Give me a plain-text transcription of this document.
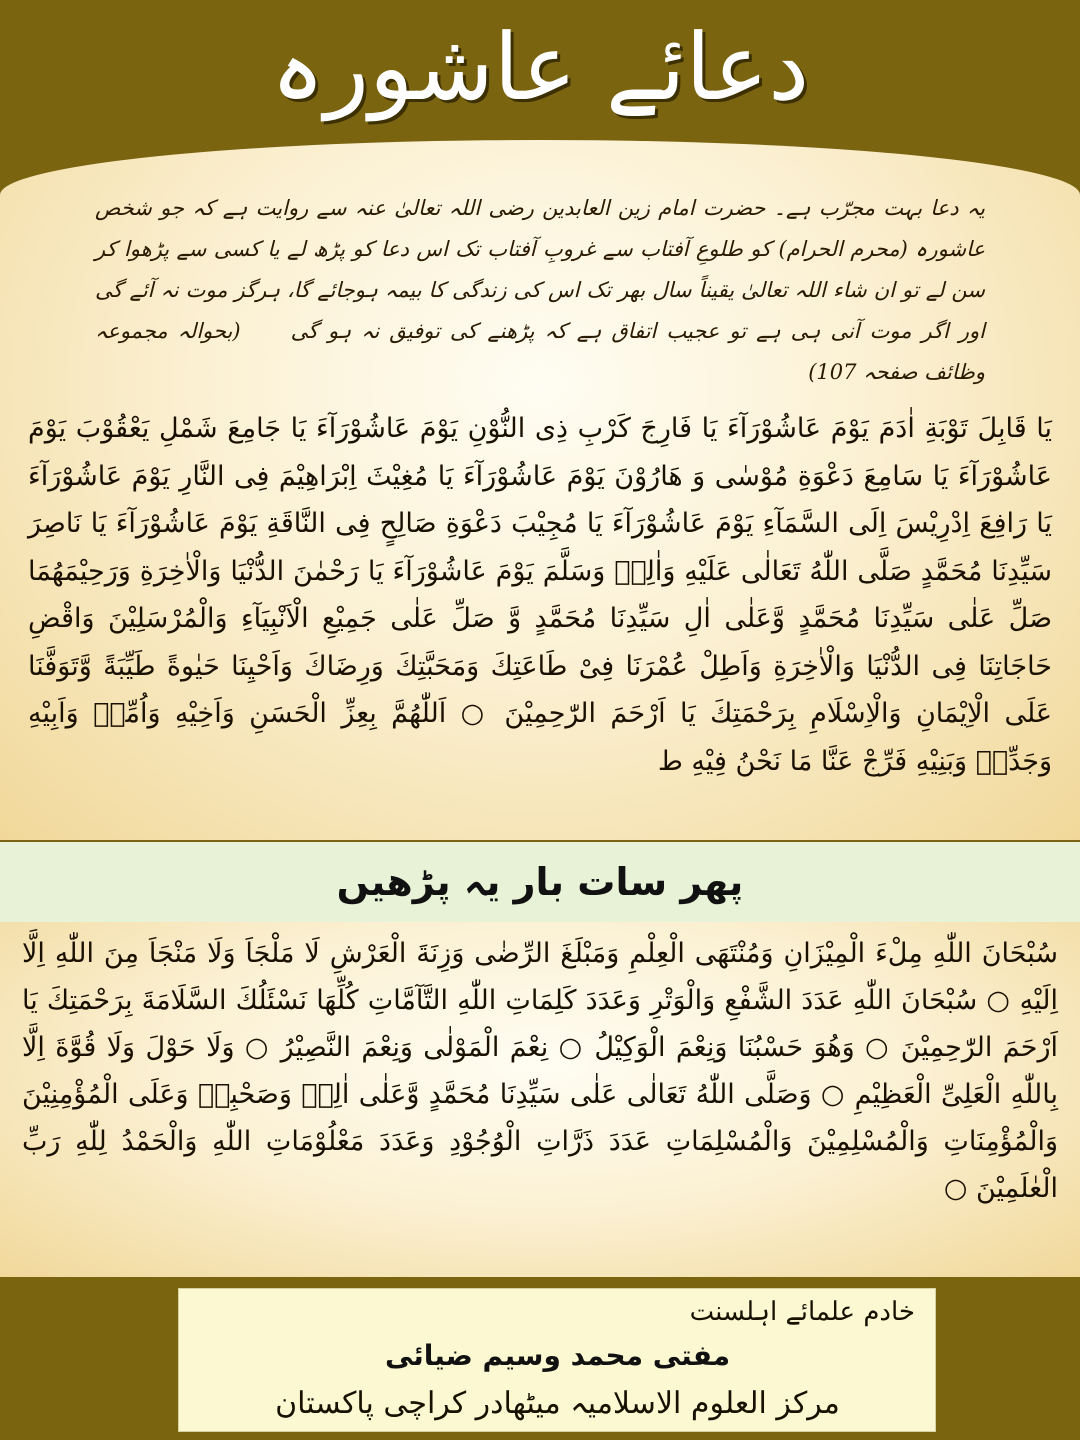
دعائے عاشورہ
یہ دعا بہت مجرّب ہے۔ حضرت امام زین العابدین رضی اللہ تعالیٰ عنہ سے روایت ہے کہ جو شخص عاشورہ (محرم الحرام) کو طلوعِ آفتاب سے غروبِ آفتاب تک اس دعا کو پڑھ لے یا کسی سے پڑھوا کر سن لے تو ان شاء اللہ تعالیٰ یقیناً سال بھر تک اس کی زندگی کا بیمہ ہوجائے گا، ہرگز موت نہ آئے گی اور اگر موت آنی ہی ہے تو عجیب اتفاق ہے کہ پڑھنے کی توفیق نہ ہو گی (بحوالہ مجموعہ وظائف صفحہ 107)
یَا قَابِلَ تَوْبَةِ اٰدَمَ یَوْمَ عَاشُوْرَآءَ یَا فَارِجَ کَرْبِ ذِی النُّوْنِ یَوْمَ عَاشُوْرَآءَ یَا جَامِعَ شَمْلِ یَعْقُوْبَ یَوْمَ عَاشُوْرَآءَ یَا سَامِعَ دَعْوَةِ مُوْسٰی وَ هَارُوْنَ یَوْمَ عَاشُوْرَآءَ یَا مُغِیْثَ اِبْرَاهِیْمَ فِی النَّارِ یَوْمَ عَاشُوْرَآءَ یَا رَافِعَ اِدْرِیْسَ اِلَی السَّمَآءِ یَوْمَ عَاشُوْرَآءَ یَا مُجِیْبَ دَعْوَةِ صَالِحٍ فِی النَّاقَةِ یَوْمَ عَاشُوْرَآءَ یَا نَاصِرَ سَیِّدِنَا مُحَمَّدٍ صَلَّی اللّٰهُ تَعَالٰی عَلَیْهِ وَاٰلِهٖ وَسَلَّمَ یَوْمَ عَاشُوْرَآءَ یَا رَحْمٰنَ الدُّنْیَا وَالْاٰخِرَةِ وَرَحِیْمَهُمَا صَلِّ عَلٰی سَیِّدِنَا مُحَمَّدٍ وَّعَلٰی اٰلِ سَیِّدِنَا مُحَمَّدٍ وَّ صَلِّ عَلٰی جَمِیْعِ الْاَنْبِیَآءِ وَالْمُرْسَلِیْنَ وَاقْضِ حَاجَاتِنَا فِی الدُّنْیَا وَالْاٰخِرَةِ وَاَطِلْ عُمْرَنَا فِیْ طَاعَتِكَ وَمَحَبَّتِكَ وَرِضَاكَ وَاَحْیِنَا حَیٰوةً طَیِّبَةً وَّتَوَفَّنَا عَلَی الْاِیْمَانِ وَالْاِسْلَامِ بِرَحْمَتِكَ یَا اَرْحَمَ الرّٰحِمِیْنَ ○ اَللّٰهُمَّ بِعِزِّ الْحَسَنِ وَاَخِیْهِ وَاُمِّهٖ وَاَبِیْهِ وَجَدِّهٖ وَبَنِیْهِ فَرِّجْ عَنَّا مَا نَحْنُ فِیْهِ ط
پھر سات بار یہ پڑھیں
سُبْحَانَ اللّٰهِ مِلْءَ الْمِیْزَانِ وَمُنْتَهَی الْعِلْمِ وَمَبْلَغَ الرِّضٰی وَزِنَةَ الْعَرْشِ لَا مَلْجَاَ وَلَا مَنْجَاَ مِنَ اللّٰهِ اِلَّا اِلَیْهِ ○ سُبْحَانَ اللّٰهِ عَدَدَ الشَّفْعِ وَالْوَتْرِ وَعَدَدَ کَلِمَاتِ اللّٰهِ التَّآمَّاتِ کُلِّهَا نَسْئَلُكَ السَّلَامَةَ بِرَحْمَتِكَ یَا اَرْحَمَ الرّٰحِمِیْنَ ○ وَهُوَ حَسْبُنَا وَنِعْمَ الْوَکِیْلُ ○ نِعْمَ الْمَوْلٰی وَنِعْمَ النَّصِیْرُ ○ وَلَا حَوْلَ وَلَا قُوَّةَ اِلَّا بِاللّٰهِ الْعَلِیِّ الْعَظِیْمِ ○ وَصَلَّی اللّٰهُ تَعَالٰی عَلٰی سَیِّدِنَا مُحَمَّدٍ وَّعَلٰی اٰلِهٖ وَصَحْبِهٖ وَعَلَی الْمُؤْمِنِیْنَ وَالْمُؤْمِنَاتِ وَالْمُسْلِمِیْنَ وَالْمُسْلِمَاتِ عَدَدَ ذَرَّاتِ الْوُجُوْدِ وَعَدَدَ مَعْلُوْمَاتِ اللّٰهِ وَالْحَمْدُ لِلّٰهِ رَبِّ الْعٰلَمِیْنَ ○
خادم علمائے اہلسنت
مفتی محمد وسیم ضیائی
مرکز العلوم الاسلامیہ میٹھادر کراچی پاکستان
